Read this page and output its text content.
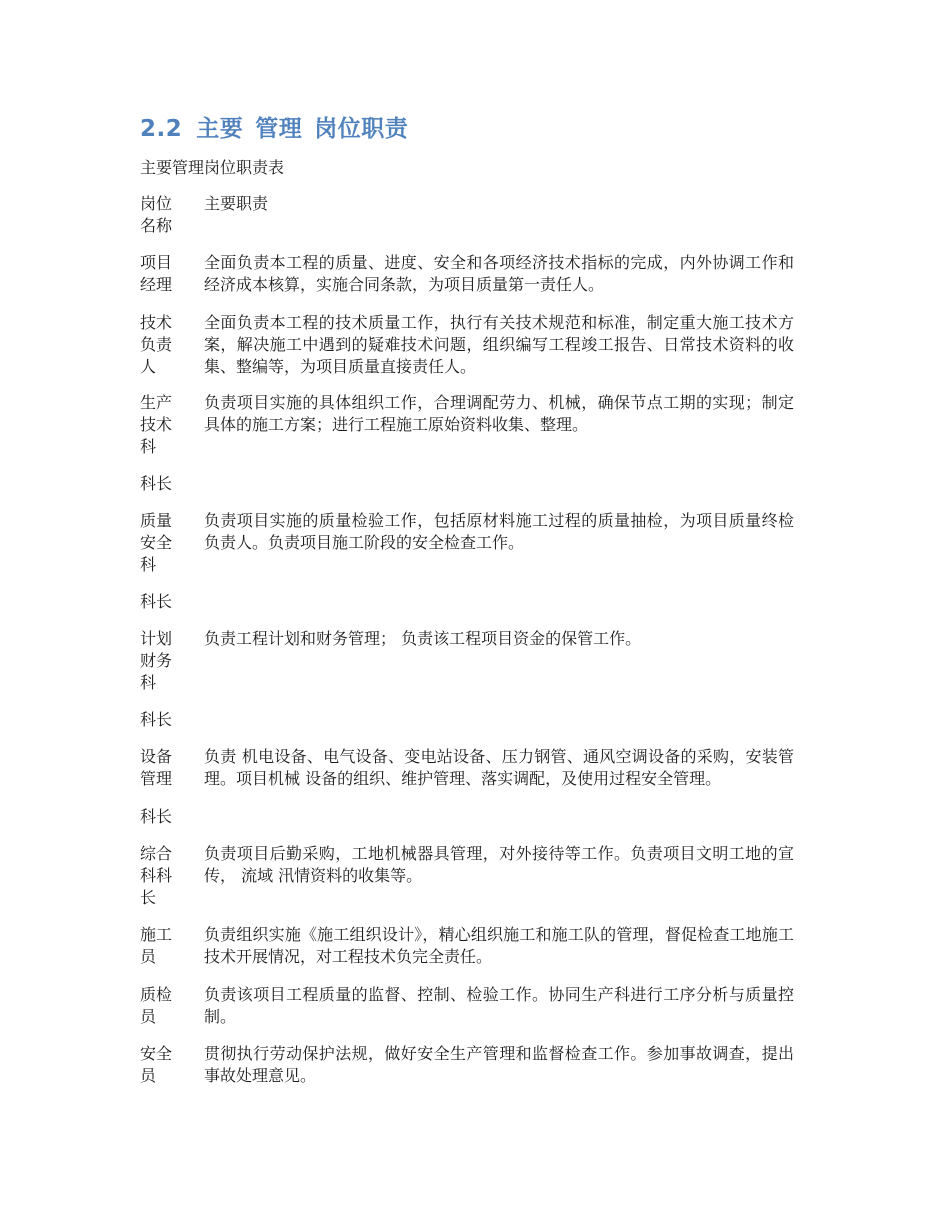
2.2 主要 管理 岗位职责
主要管理岗位职责表
岗位名称
主要职责
项目经理
全面负责本工程的质量、进度、安全和各项经济技术指标的完成，内外协调工作和经济成本核算，实施合同条款，为项目质量第一责任人。
技术负责人
全面负责本工程的技术质量工作，执行有关技术规范和标准，制定重大施工技术方案，解决施工中遇到的疑难技术问题，组织编写工程竣工报告、日常技术资料的收集、整编等，为项目质量直接责任人。
生产技术科
负责项目实施的具体组织工作，合理调配劳力、机械，确保节点工期的实现；制定具体的施工方案；进行工程施工原始资料收集、整理。
科长
质量安全科
负责项目实施的质量检验工作，包括原材料施工过程的质量抽检，为项目质量终检负责人。负责项目施工阶段的安全检查工作。
科长
计划财务科
负责工程计划和财务管理； 负责该工程项目资金的保管工作。
科长
设备管理
负责 机电设备、电气设备、变电站设备、压力钢管、通风空调设备的采购，安装管理。项目机械 设备的组织、维护管理、落实调配，及使用过程安全管理。
科长
综合科科长
负责项目后勤采购，工地机械器具管理，对外接待等工作。负责项目文明工地的宣传， 流域 汛情资料的收集等。
施工员
负责组织实施《施工组织设计》，精心组织施工和施工队的管理，督促检查工地施工技术开展情况，对工程技术负完全责任。
质检员
负责该项目工程质量的监督、控制、检验工作。协同生产科进行工序分析与质量控制。
安全员
贯彻执行劳动保护法规，做好安全生产管理和监督检查工作。参加事故调查，提出事故处理意见。
